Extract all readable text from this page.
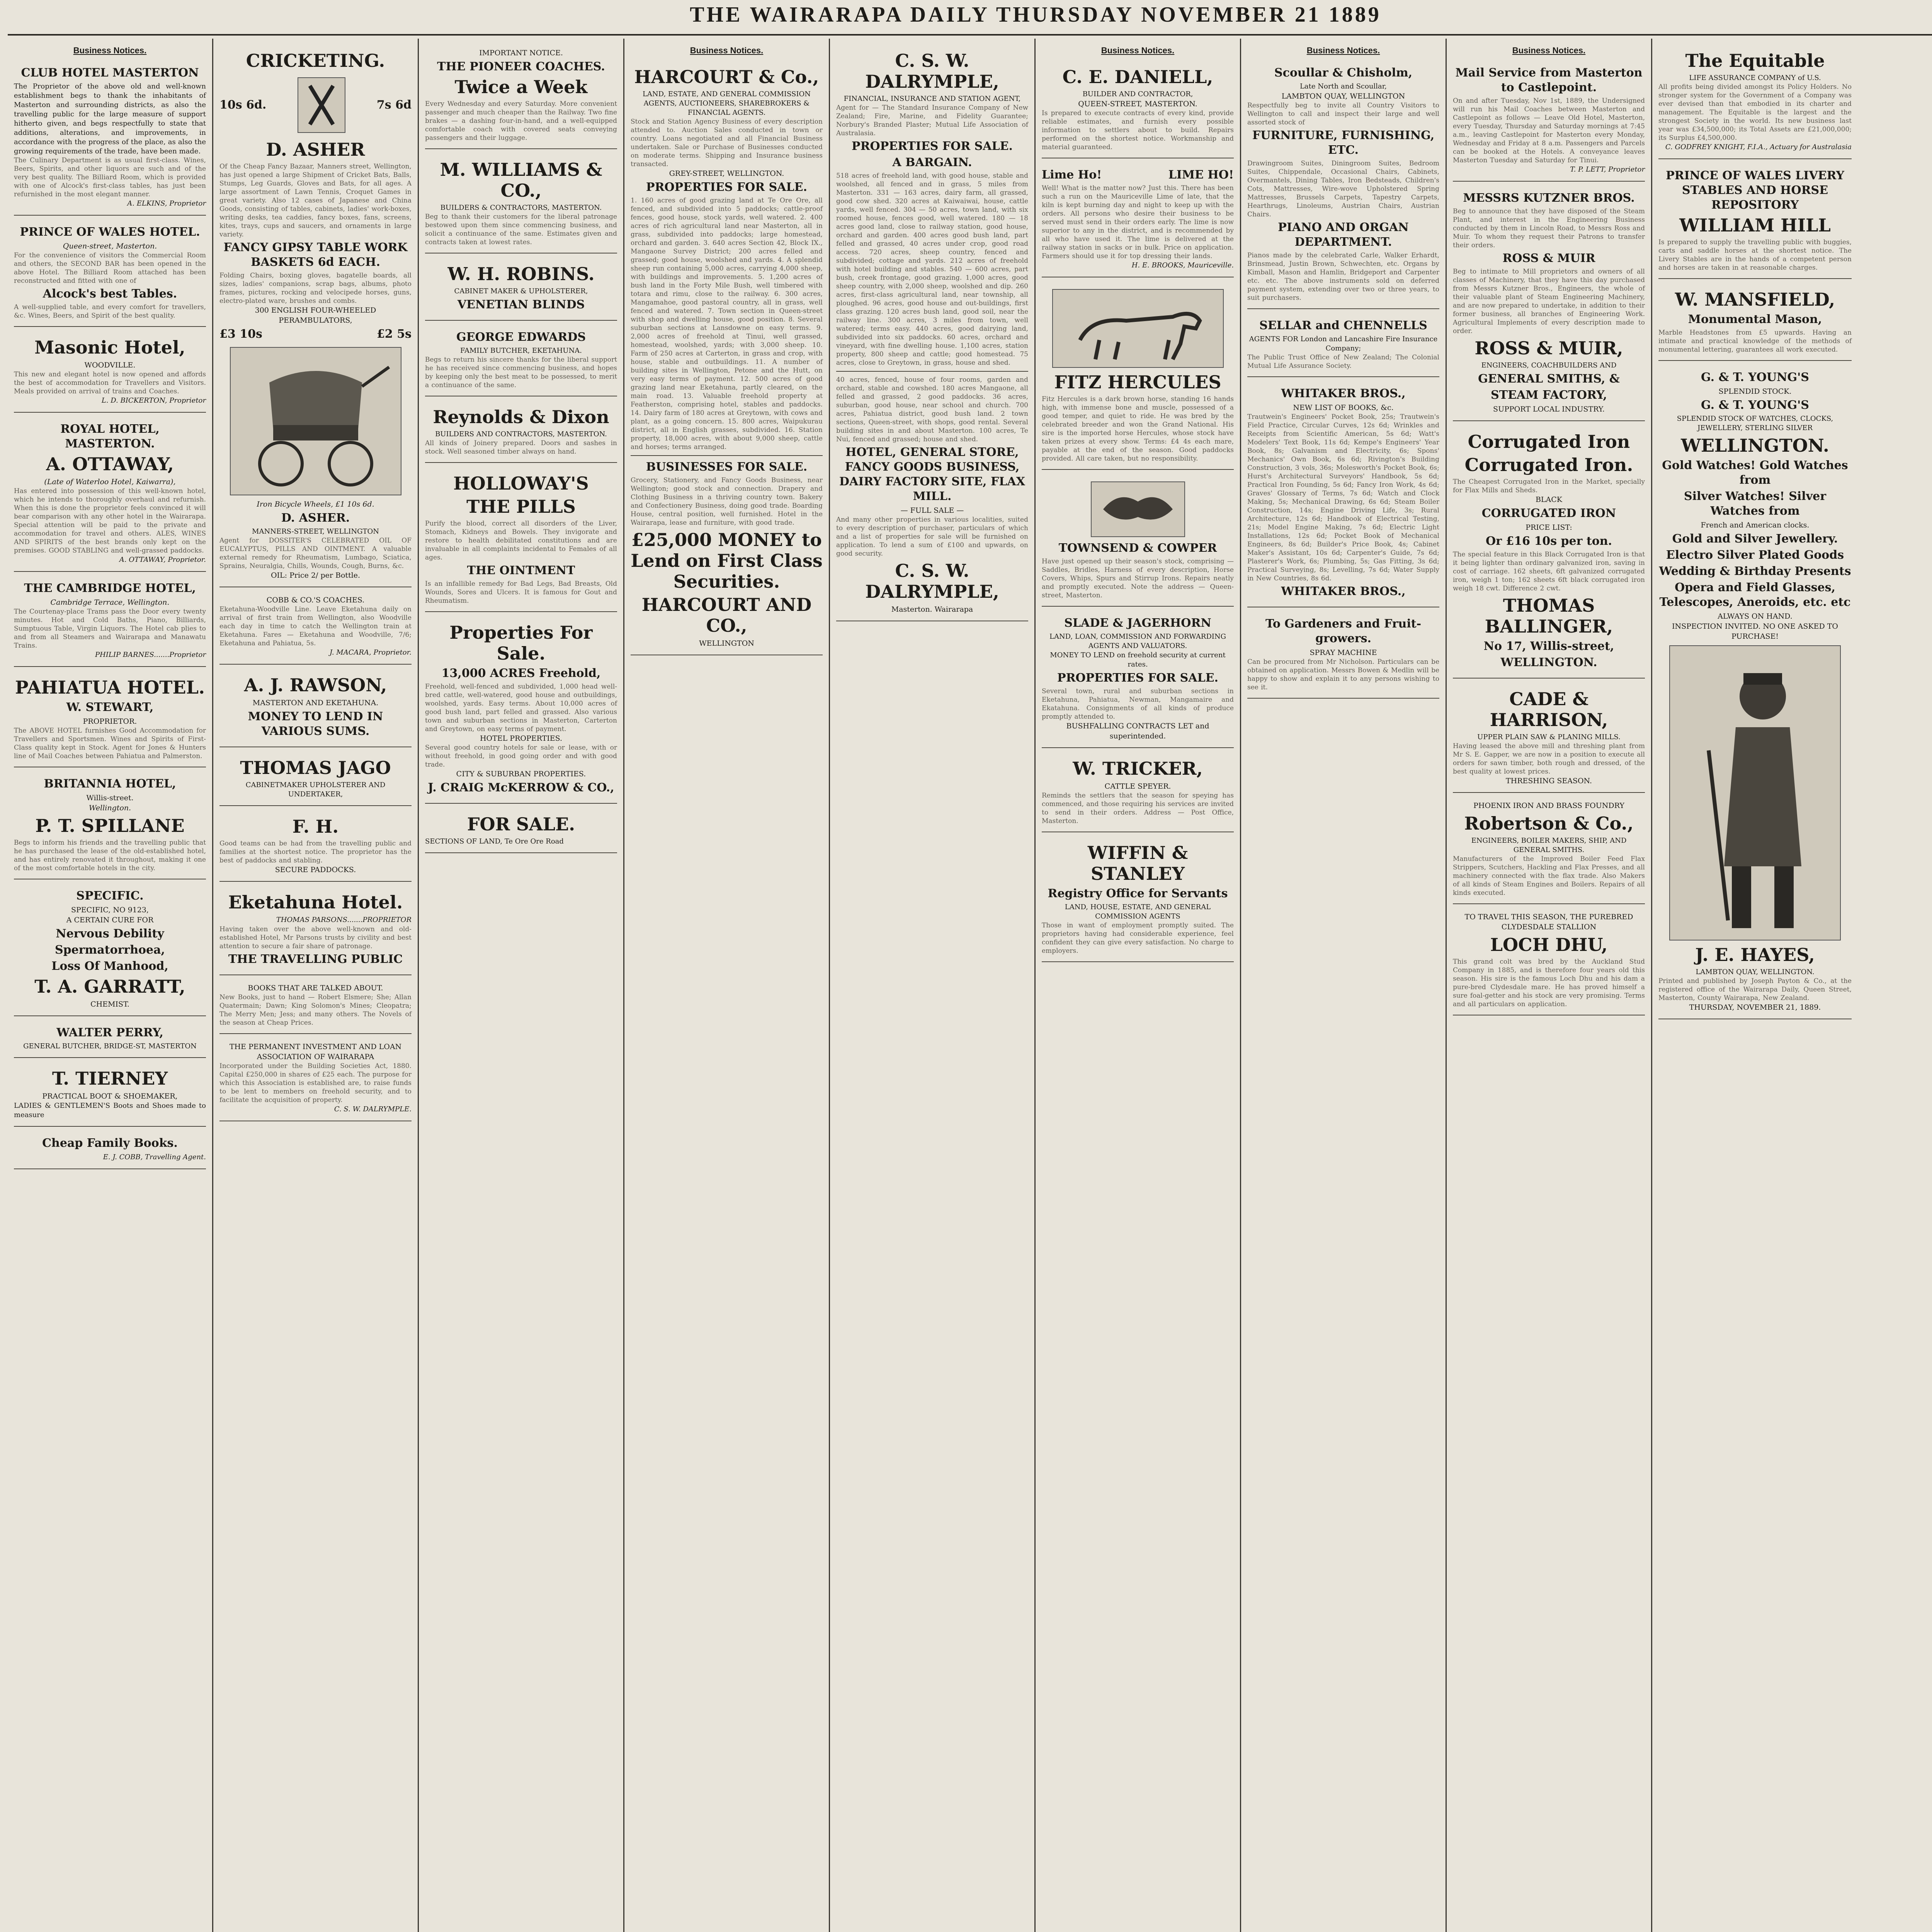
THE WAIRARAPA DAILY THURSDAY NOVEMBER 21 1889
Business Notices.
CLUB HOTEL MASTERTON
The Proprietor of the above old and well-known establishment begs to thank the inhabitants of Masterton and surrounding districts, as also the travelling public for the large measure of support hitherto given, and begs respectfully to state that additions, alterations, and improvements, in accordance with the progress of the place, as also the growing requirements of the trade, have been made.
The Culinary Department is as usual first-class. Wines, Beers, Spirits, and other liquors are such and of the very best quality. The Billiard Room, which is provided with one of Alcock's first-class tables, has just been refurnished in the most elegant manner.
A. ELKINS, Proprietor
PRINCE OF WALES HOTEL.
Queen-street, Masterton.
For the convenience of visitors the Commercial Room and others, the SECOND BAR has been opened in the above Hotel. The Billiard Room attached has been reconstructed and fitted with one of
Alcock's best Tables.
A well-supplied table, and every comfort for travellers, &c. Wines, Beers, and Spirit of the best quality.
Masonic Hotel,
WOODVILLE.
This new and elegant hotel is now opened and affords the best of accommodation for Travellers and Visitors. Meals provided on arrival of trains and Coaches.
L. D. BICKERTON, Proprietor
ROYAL HOTEL, MASTERTON.
A. OTTAWAY,
(Late of Waterloo Hotel, Kaiwarra),
Has entered into possession of this well-known hotel, which he intends to thoroughly overhaul and refurnish. When this is done the proprietor feels convinced it will bear comparison with any other hotel in the Wairarapa. Special attention will be paid to the private and accommodation for travel and others. ALES, WINES AND SPIRITS of the best brands only kept on the premises. GOOD STABLING and well-grassed paddocks.
A. OTTAWAY, Proprietor.
THE CAMBRIDGE HOTEL,
Cambridge Terrace, Wellington.
The Courtenay-place Trams pass the Door every twenty minutes. Hot and Cold Baths, Piano, Billiards, Sumptuous Table, Virgin Liquors. The Hotel cab plies to and from all Steamers and Wairarapa and Manawatu Trains.
PHILIP BARNES.......Proprietor
PAHIATUA HOTEL.
W. STEWART,
PROPRIETOR.
The ABOVE HOTEL furnishes Good Accommodation for Travellers and Sportsmen. Wines and Spirits of First-Class quality kept in Stock. Agent for Jones & Hunters line of Mail Coaches between Pahiatua and Palmerston.
BRITANNIA HOTEL,
Willis-street.
Wellington.
P. T. SPILLANE
Begs to inform his friends and the travelling public that he has purchased the lease of the old-established hotel, and has entirely renovated it throughout, making it one of the most comfortable hotels in the city.
SPECIFIC.
SPECIFIC, NO 9123,
A CERTAIN CURE FOR
Nervous Debility
Spermatorrhoea,
Loss Of Manhood,
T. A. GARRATT,
CHEMIST.
WALTER PERRY,
GENERAL BUTCHER, BRIDGE-ST, MASTERTON
T. TIERNEY
PRACTICAL BOOT & SHOEMAKER,
LADIES & GENTLEMEN'S Boots and Shoes made to measure
Cheap Family Books.
E. J. COBB, Travelling Agent.
CRICKETING.
10s 6d.	7s 6d
D. ASHER
Of the Cheap Fancy Bazaar, Manners street, Wellington, has just opened a large Shipment of Cricket Bats, Balls, Stumps, Leg Guards, Gloves and Bats, for all ages. A large assortment of Lawn Tennis, Croquet Games in great variety. Also 12 cases of Japanese and China Goods, consisting of tables, cabinets, ladies' work-boxes, writing desks, tea caddies, fancy boxes, fans, screens, kites, trays, cups and saucers, and ornaments in large variety.
FANCY GIPSY TABLE WORK BASKETS 6d EACH.
Folding Chairs, boxing gloves, bagatelle boards, all sizes, ladies' companions, scrap bags, albums, photo frames, pictures, rocking and velocipede horses, guns, electro-plated ware, brushes and combs.
300 ENGLISH FOUR-WHEELED PERAMBULATORS,
£3 10s	£2 5s
Iron Bicycle Wheels, £1 10s 6d.
D. ASHER.
MANNERS-STREET, WELLINGTON
Agent for DOSSITER'S CELEBRATED OIL OF EUCALYPTUS, PILLS AND OINTMENT. A valuable external remedy for Rheumatism, Lumbago, Sciatica, Sprains, Neuralgia, Chills, Wounds, Cough, Burns, &c.
OIL: Price 2/ per Bottle.
COBB & CO.'S COACHES.
Eketahuna-Woodville Line. Leave Eketahuna daily on arrival of first train from Wellington, also Woodville each day in time to catch the Wellington train at Eketahuna. Fares — Eketahuna and Woodville, 7/6; Eketahuna and Pahiatua, 5s.
J. MACARA, Proprietor.
A. J. RAWSON,
MASTERTON AND EKETAHUNA.
MONEY TO LEND IN VARIOUS SUMS.
THOMAS JAGO
CABINETMAKER UPHOLSTERER AND UNDERTAKER,
F. H.
Good teams can be had from the travelling public and families at the shortest notice. The proprietor has the best of paddocks and stabling.
SECURE PADDOCKS.
Eketahuna Hotel.
THOMAS PARSONS.......PROPRIETOR
Having taken over the above well-known and old-established Hotel, Mr Parsons trusts by civility and best attention to secure a fair share of patronage.
THE TRAVELLING PUBLIC
BOOKS THAT ARE TALKED ABOUT.
New Books, just to hand — Robert Elsmere; She; Allan Quatermain; Dawn; King Solomon's Mines; Cleopatra; The Merry Men; Jess; and many others. The Novels of the season at Cheap Prices.
THE PERMANENT INVESTMENT AND LOAN ASSOCIATION OF WAIRARAPA
Incorporated under the Building Societies Act, 1880. Capital £250,000 in shares of £25 each. The purpose for which this Association is established are, to raise funds to be lent to members on freehold security, and to facilitate the acquisition of property.
C. S. W. DALRYMPLE.
IMPORTANT NOTICE.
THE PIONEER COACHES.
Twice a Week
Every Wednesday and every Saturday. More convenient passenger and much cheaper than the Railway. Two fine brakes — a dashing four-in-hand, and a well-equipped comfortable coach with covered seats conveying passengers and their luggage.
M. WILLIAMS & CO.,
BUILDERS & CONTRACTORS, MASTERTON.
Beg to thank their customers for the liberal patronage bestowed upon them since commencing business, and solicit a continuance of the same. Estimates given and contracts taken at lowest rates.
W. H. ROBINS.
CABINET MAKER & UPHOLSTERER,
VENETIAN BLINDS
GEORGE EDWARDS
FAMILY BUTCHER, EKETAHUNA.
Begs to return his sincere thanks for the liberal support he has received since commencing business, and hopes by keeping only the best meat to be possessed, to merit a continuance of the same.
Reynolds & Dixon
BUILDERS AND CONTRACTORS, MASTERTON.
All kinds of Joinery prepared. Doors and sashes in stock. Well seasoned timber always on hand.
HOLLOWAY'S
THE PILLS
Purify the blood, correct all disorders of the Liver, Stomach, Kidneys and Bowels. They invigorate and restore to health debilitated constitutions and are invaluable in all complaints incidental to Females of all ages.
THE OINTMENT
Is an infallible remedy for Bad Legs, Bad Breasts, Old Wounds, Sores and Ulcers. It is famous for Gout and Rheumatism.
Properties For Sale.
13,000 ACRES Freehold,
Freehold, well-fenced and subdivided, 1,000 head well-bred cattle, well-watered, good house and outbuildings, woolshed, yards. Easy terms. About 10,000 acres of good bush land, part felled and grassed. Also various town and suburban sections in Masterton, Carterton and Greytown, on easy terms of payment.
HOTEL PROPERTIES.
Several good country hotels for sale or lease, with or without freehold, in good going order and with good trade.
CITY & SUBURBAN PROPERTIES.
J. CRAIG McKERROW & CO.,
FOR SALE.
SECTIONS OF LAND, Te Ore Ore Road
Business Notices.
HARCOURT & Co.,
LAND, ESTATE, AND GENERAL COMMISSION AGENTS, AUCTIONEERS, SHAREBROKERS & FINANCIAL AGENTS.
Stock and Station Agency Business of every description attended to. Auction Sales conducted in town or country. Loans negotiated and all Financial Business undertaken. Sale or Purchase of Businesses conducted on moderate terms. Shipping and Insurance business transacted.
GREY-STREET, WELLINGTON.
PROPERTIES FOR SALE.
1. 160 acres of good grazing land at Te Ore Ore, all fenced, and subdivided into 5 paddocks; cattle-proof fences, good house, stock yards, well watered. 2. 400 acres of rich agricultural land near Masterton, all in grass, subdivided into paddocks; large homestead, orchard and garden. 3. 640 acres Section 42, Block IX., Mangaone Survey District; 200 acres felled and grassed; good house, woolshed and yards. 4. A splendid sheep run containing 5,000 acres, carrying 4,000 sheep, with buildings and improvements. 5. 1,200 acres of bush land in the Forty Mile Bush, well timbered with totara and rimu, close to the railway. 6. 300 acres, Mangamahoe, good pastoral country, all in grass, well fenced and watered. 7. Town section in Queen-street with shop and dwelling house, good position. 8. Several suburban sections at Lansdowne on easy terms. 9. 2,000 acres of freehold at Tinui, well grassed, homestead, woolshed, yards; with 3,000 sheep. 10. Farm of 250 acres at Carterton, in grass and crop, with house, stable and outbuildings. 11. A number of building sites in Wellington, Petone and the Hutt, on very easy terms of payment. 12. 500 acres of good grazing land near Eketahuna, partly cleared, on the main road. 13. Valuable freehold property at Featherston, comprising hotel, stables and paddocks. 14. Dairy farm of 180 acres at Greytown, with cows and plant, as a going concern. 15. 800 acres, Waipukurau district, all in English grasses, subdivided. 16. Station property, 18,000 acres, with about 9,000 sheep, cattle and horses; terms arranged.
BUSINESSES FOR SALE.
Grocery, Stationery, and Fancy Goods Business, near Wellington; good stock and connection. Drapery and Clothing Business in a thriving country town. Bakery and Confectionery Business, doing good trade. Boarding House, central position, well furnished. Hotel in the Wairarapa, lease and furniture, with good trade.
£25,000 MONEY to Lend on First Class Securities.
HARCOURT AND CO.,
WELLINGTON
C. S. W. DALRYMPLE,
FINANCIAL, INSURANCE AND STATION AGENT,
Agent for — The Standard Insurance Company of New Zealand; Fire, Marine, and Fidelity Guarantee; Norbury's Branded Plaster; Mutual Life Association of Australasia.
PROPERTIES FOR SALE.
A BARGAIN.
518 acres of freehold land, with good house, stable and woolshed, all fenced and in grass, 5 miles from Masterton. 331 — 163 acres, dairy farm, all grassed, good cow shed. 320 acres at Kaiwaiwai, house, cattle yards, well fenced. 304 — 50 acres, town land, with six roomed house, fences good, well watered. 180 — 18 acres good land, close to railway station, good house, orchard and garden. 400 acres good bush land, part felled and grassed, 40 acres under crop, good road access. 720 acres, sheep country, fenced and subdivided; cottage and yards. 212 acres of freehold with hotel building and stables. 540 — 600 acres, part bush, creek frontage, good grazing. 1,000 acres, good sheep country, with 2,000 sheep, woolshed and dip. 260 acres, first-class agricultural land, near township, all ploughed. 96 acres, good house and out-buildings, first class grazing. 120 acres bush land, good soil, near the railway line. 300 acres, 3 miles from town, well watered; terms easy. 440 acres, good dairying land, subdivided into six paddocks. 60 acres, orchard and vineyard, with fine dwelling house. 1,100 acres, station property, 800 sheep and cattle; good homestead. 75 acres, close to Greytown, in grass, house and shed.
40 acres, fenced, house of four rooms, garden and orchard, stable and cowshed. 180 acres Mangaone, all felled and grassed, 2 good paddocks. 36 acres, suburban, good house, near school and church. 700 acres, Pahiatua district, good bush land. 2 town sections, Queen-street, with shops, good rental. Several building sites in and about Masterton. 100 acres, Te Nui, fenced and grassed; house and shed.
HOTEL, GENERAL STORE, FANCY GOODS BUSINESS, DAIRY FACTORY SITE, FLAX MILL.
— FULL SALE —
And many other properties in various localities, suited to every description of purchaser, particulars of which and a list of properties for sale will be furnished on application. To lend a sum of £100 and upwards, on good security.
C. S. W. DALRYMPLE,
Masterton. Wairarapa
Business Notices.
C. E. DANIELL,
BUILDER AND CONTRACTOR,
QUEEN-STREET, MASTERTON.
Is prepared to execute contracts of every kind, provide reliable estimates, and furnish every possible information to settlers about to build. Repairs performed on the shortest notice. Workmanship and material guaranteed.
Lime Ho!	LIME HO!
Well! What is the matter now? Just this. There has been such a run on the Mauriceville Lime of late, that the kiln is kept burning day and night to keep up with the orders. All persons who desire their business to be served must send in their orders early. The lime is now superior to any in the district, and is recommended by all who have used it. The lime is delivered at the railway station in sacks or in bulk. Price on application. Farmers should use it for top dressing their lands.
H. E. BROOKS, Mauriceville.
FITZ HERCULES
Fitz Hercules is a dark brown horse, standing 16 hands high, with immense bone and muscle, possessed of a good temper, and quiet to ride. He was bred by the celebrated breeder and won the Grand National. His sire is the imported horse Hercules, whose stock have taken prizes at every show. Terms: £4 4s each mare, payable at the end of the season. Good paddocks provided. All care taken, but no responsibility.
TOWNSEND & COWPER
Have just opened up their season's stock, comprising — Saddles, Bridles, Harness of every description, Horse Covers, Whips, Spurs and Stirrup Irons. Repairs neatly and promptly executed. Note the address — Queen-street, Masterton.
SLADE & JAGERHORN
LAND, LOAN, COMMISSION AND FORWARDING AGENTS AND VALUATORS.
MONEY TO LEND on freehold security at current rates.
PROPERTIES FOR SALE.
Several town, rural and suburban sections in Eketahuna, Pahiatua, Newman, Mangamaire and Ekatahuna. Consignments of all kinds of produce promptly attended to.
BUSHFALLING CONTRACTS LET and superintended.
W. TRICKER,
CATTLE SPEYER.
Reminds the settlers that the season for speying has commenced, and those requiring his services are invited to send in their orders. Address — Post Office, Masterton.
WIFFIN & STANLEY
Registry Office for Servants
LAND, HOUSE, ESTATE, AND GENERAL COMMISSION AGENTS
Those in want of employment promptly suited. The proprietors having had considerable experience, feel confident they can give every satisfaction. No charge to employers.
Business Notices.
Scoullar & Chisholm,
Late North and Scoullar,
LAMBTON QUAY, WELLINGTON
Respectfully beg to invite all Country Visitors to Wellington to call and inspect their large and well assorted stock of
FURNITURE, FURNISHING, ETC.
Drawingroom Suites, Diningroom Suites, Bedroom Suites, Chippendale, Occasional Chairs, Cabinets, Overmantels, Dining Tables, Iron Bedsteads, Children's Cots, Mattresses, Wire-wove Upholstered Spring Mattresses, Brussels Carpets, Tapestry Carpets, Hearthrugs, Linoleums, Austrian Chairs, Austrian Chairs.
PIANO AND ORGAN DEPARTMENT.
Pianos made by the celebrated Carle, Walker Erhardt, Brinsmead, Justin Brown, Schwechten, etc. Organs by Kimball, Mason and Hamlin, Bridgeport and Carpenter etc. etc. The above instruments sold on deferred payment system, extending over two or three years, to suit purchasers.
SELLAR and CHENNELLS
AGENTS FOR London and Lancashire Fire Insurance Company;
The Public Trust Office of New Zealand; The Colonial Mutual Life Assurance Society.
WHITAKER BROS.,
NEW LIST OF BOOKS, &c.
Trautwein's Engineers' Pocket Book, 25s; Trautwein's Field Practice, Circular Curves, 12s 6d; Wrinkles and Receipts from Scientific American, 5s 6d; Watt's Modelers' Text Book, 11s 6d; Kempe's Engineers' Year Book, 8s; Galvanism and Electricity, 6s; Spons' Mechanics' Own Book, 6s 6d; Rivington's Building Construction, 3 vols, 36s; Molesworth's Pocket Book, 6s; Hurst's Architectural Surveyors' Handbook, 5s 6d; Practical Iron Founding, 5s 6d; Fancy Iron Work, 4s 6d; Graves' Glossary of Terms, 7s 6d; Watch and Clock Making, 5s; Mechanical Drawing, 6s 6d; Steam Boiler Construction, 14s; Engine Driving Life, 3s; Rural Architecture, 12s 6d; Handbook of Electrical Testing, 21s; Model Engine Making, 7s 6d; Electric Light Installations, 12s 6d; Pocket Book of Mechanical Engineers, 8s 6d; Builder's Price Book, 4s; Cabinet Maker's Assistant, 10s 6d; Carpenter's Guide, 7s 6d; Plasterer's Work, 6s; Plumbing, 5s; Gas Fitting, 3s 6d; Practical Surveying, 8s; Levelling, 7s 6d; Water Supply in New Countries, 8s 6d.
WHITAKER BROS.,
To Gardeners and Fruit-growers.
SPRAY MACHINE
Can be procured from Mr Nicholson. Particulars can be obtained on application. Messrs Bowen & Medlin will be happy to show and explain it to any persons wishing to see it.
Business Notices.
Mail Service from Masterton to Castlepoint.
On and after Tuesday, Nov 1st, 1889, the Undersigned will run his Mail Coaches between Masterton and Castlepoint as follows — Leave Old Hotel, Masterton, every Tuesday, Thursday and Saturday mornings at 7:45 a.m., leaving Castlepoint for Masterton every Monday, Wednesday and Friday at 8 a.m. Passengers and Parcels can be booked at the Hotels. A conveyance leaves Masterton Tuesday and Saturday for Tinui.
T. P. LETT, Proprietor
MESSRS KUTZNER BROS.
Beg to announce that they have disposed of the Steam Plant, and interest in the Engineering Business conducted by them in Lincoln Road, to Messrs Ross and Muir. To whom they request their Patrons to transfer their orders.
ROSS & MUIR
Beg to intimate to Mill proprietors and owners of all classes of Machinery, that they have this day purchased from Messrs Kutzner Bros., Engineers, the whole of their valuable plant of Steam Engineering Machinery, and are now prepared to undertake, in addition to their former business, all branches of Engineering Work. Agricultural Implements of every description made to order.
ROSS & MUIR,
ENGINEERS, COACHBUILDERS AND
GENERAL SMITHS, &
STEAM FACTORY,
SUPPORT LOCAL INDUSTRY.
Corrugated Iron
Corrugated Iron.
The Cheapest Corrugated Iron in the Market, specially for Flax Mills and Sheds.
BLACK
CORRUGATED IRON
PRICE LIST:
Or £16 10s per ton.
The special feature in this Black Corrugated Iron is that it being lighter than ordinary galvanized iron, saving in cost of carriage. 162 sheets, 6ft galvanized corrugated iron, weigh 1 ton; 162 sheets 6ft black corrugated iron weigh 18 cwt. Difference 2 cwt.
THOMAS BALLINGER,
No 17, Willis-street,
WELLINGTON.
CADE & HARRISON,
UPPER PLAIN SAW & PLANING MILLS.
Having leased the above mill and threshing plant from Mr S. E. Gapper, we are now in a position to execute all orders for sawn timber, both rough and dressed, of the best quality at lowest prices.
THRESHING SEASON.
PHOENIX IRON AND BRASS FOUNDRY
Robertson & Co.,
ENGINEERS, BOILER MAKERS, SHIP, AND GENERAL SMITHS.
Manufacturers of the Improved Boiler Feed Flax Strippers, Scutchers, Hackling and Flax Presses, and all machinery connected with the flax trade. Also Makers of all kinds of Steam Engines and Boilers. Repairs of all kinds executed.
TO TRAVEL THIS SEASON, THE PUREBRED CLYDESDALE STALLION
LOCH DHU,
This grand colt was bred by the Auckland Stud Company in 1885, and is therefore four years old this season. His sire is the famous Loch Dhu and his dam a pure-bred Clydesdale mare. He has proved himself a sure foal-getter and his stock are very promising. Terms and all particulars on application.
The Equitable
LIFE ASSURANCE COMPANY of U.S.
All profits being divided amongst its Policy Holders. No stronger system for the Government of a Company was ever devised than that embodied in its charter and management. The Equitable is the largest and the strongest Society in the world. Its new business last year was £34,500,000; its Total Assets are £21,000,000; its Surplus £4,500,000.
C. GODFREY KNIGHT, F.I.A., Actuary for Australasia
PRINCE OF WALES LIVERY STABLES AND HORSE REPOSITORY
WILLIAM HILL
Is prepared to supply the travelling public with buggies, carts and saddle horses at the shortest notice. The Livery Stables are in the hands of a competent person and horses are taken in at reasonable charges.
W. MANSFIELD,
Monumental Mason,
Marble Headstones from £5 upwards. Having an intimate and practical knowledge of the methods of monumental lettering, guarantees all work executed.
G. & T. YOUNG'S
SPLENDID STOCK.
G. & T. YOUNG'S
SPLENDID STOCK OF WATCHES, CLOCKS, JEWELLERY, STERLING SILVER
WELLINGTON.
Gold Watches! Gold Watches from
Silver Watches! Silver Watches from
French and American clocks.
Gold and Silver Jewellery.
Electro Silver Plated Goods
Wedding & Birthday Presents
Opera and Field Glasses, Telescopes, Aneroids, etc. etc
ALWAYS ON HAND.
INSPECTION INVITED. NO ONE ASKED TO PURCHASE!
J. E. HAYES,
LAMBTON QUAY, WELLINGTON.
Printed and published by Joseph Payton & Co., at the registered office of the Wairarapa Daily, Queen Street, Masterton, County Wairarapa, New Zealand.
THURSDAY, NOVEMBER 21, 1889.
